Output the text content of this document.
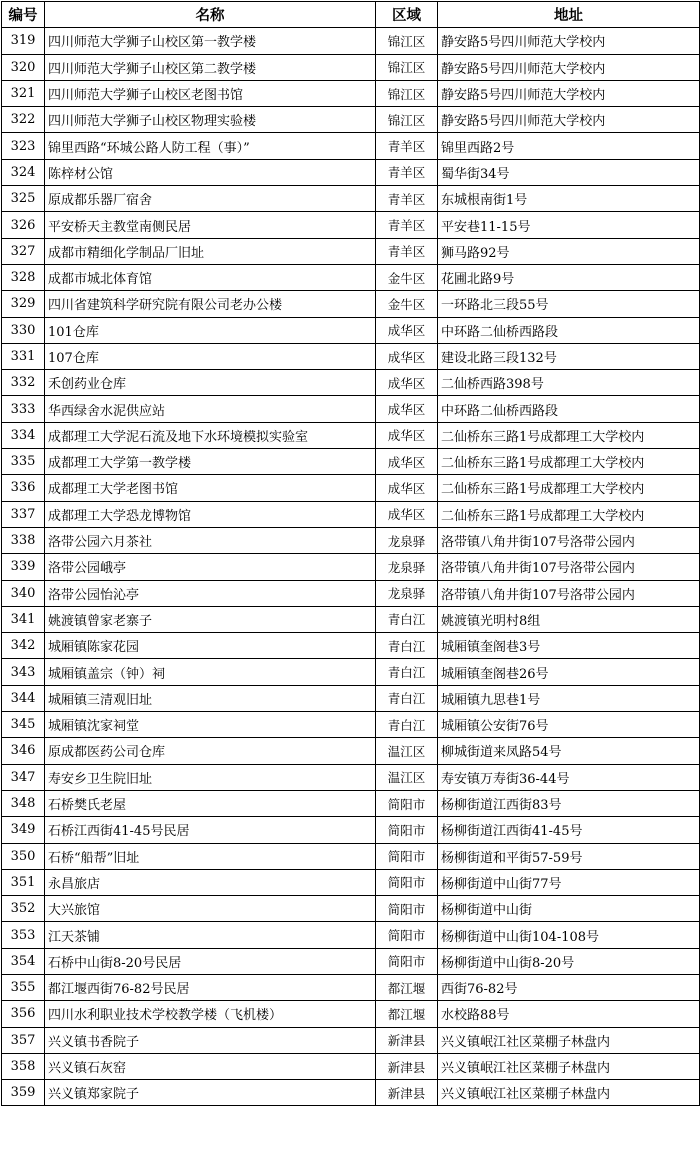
编号	名称	区域	地址
319	四川师范大学狮子山校区第一教学楼	锦江区	静安路5号四川师范大学校内
320	四川师范大学狮子山校区第二教学楼	锦江区	静安路5号四川师范大学校内
321	四川师范大学狮子山校区老图书馆	锦江区	静安路5号四川师范大学校内
322	四川师范大学狮子山校区物理实验楼	锦江区	静安路5号四川师范大学校内
323	锦里西路“环城公路人防工程（事）”	青羊区	锦里西路2号
324	陈梓材公馆	青羊区	蜀华街34号
325	原成都乐器厂宿舍	青羊区	东城根南街1号
326	平安桥天主教堂南侧民居	青羊区	平安巷11-15号
327	成都市精细化学制品厂旧址	青羊区	狮马路92号
328	成都市城北体育馆	金牛区	花圃北路9号
329	四川省建筑科学研究院有限公司老办公楼	金牛区	一环路北三段55号
330	101仓库	成华区	中环路二仙桥西路段
331	107仓库	成华区	建设北路三段132号
332	禾创药业仓库	成华区	二仙桥西路398号
333	华西绿舍水泥供应站	成华区	中环路二仙桥西路段
334	成都理工大学泥石流及地下水环境模拟实验室	成华区	二仙桥东三路1号成都理工大学校内
335	成都理工大学第一教学楼	成华区	二仙桥东三路1号成都理工大学校内
336	成都理工大学老图书馆	成华区	二仙桥东三路1号成都理工大学校内
337	成都理工大学恐龙博物馆	成华区	二仙桥东三路1号成都理工大学校内
338	洛带公园六月茶社	龙泉驿	洛带镇八角井街107号洛带公园内
339	洛带公园峨亭	龙泉驿	洛带镇八角井街107号洛带公园内
340	洛带公园怡沁亭	龙泉驿	洛带镇八角井街107号洛带公园内
341	姚渡镇曾家老寨子	青白江	姚渡镇光明村8组
342	城厢镇陈家花园	青白江	城厢镇奎阁巷3号
343	城厢镇盖宗（钟）祠	青白江	城厢镇奎阁巷26号
344	城厢镇三清观旧址	青白江	城厢镇九思巷1号
345	城厢镇沈家祠堂	青白江	城厢镇公安街76号
346	原成都医药公司仓库	温江区	柳城街道来凤路54号
347	寿安乡卫生院旧址	温江区	寿安镇万寿街36-44号
348	石桥樊氏老屋	简阳市	杨柳街道江西街83号
349	石桥江西街41-45号民居	简阳市	杨柳街道江西街41-45号
350	石桥“船帮”旧址	简阳市	杨柳街道和平街57-59号
351	永昌旅店	简阳市	杨柳街道中山街77号
352	大兴旅馆	简阳市	杨柳街道中山街
353	江天茶铺	简阳市	杨柳街道中山街104-108号
354	石桥中山街8-20号民居	简阳市	杨柳街道中山街8-20号
355	都江堰西街76-82号民居	都江堰	西街76-82号
356	四川水利职业技术学校教学楼（飞机楼）	都江堰	水校路88号
357	兴义镇书香院子	新津县	兴义镇岷江社区菜棚子林盘内
358	兴义镇石灰窑	新津县	兴义镇岷江社区菜棚子林盘内
359	兴义镇郑家院子	新津县	兴义镇岷江社区菜棚子林盘内
